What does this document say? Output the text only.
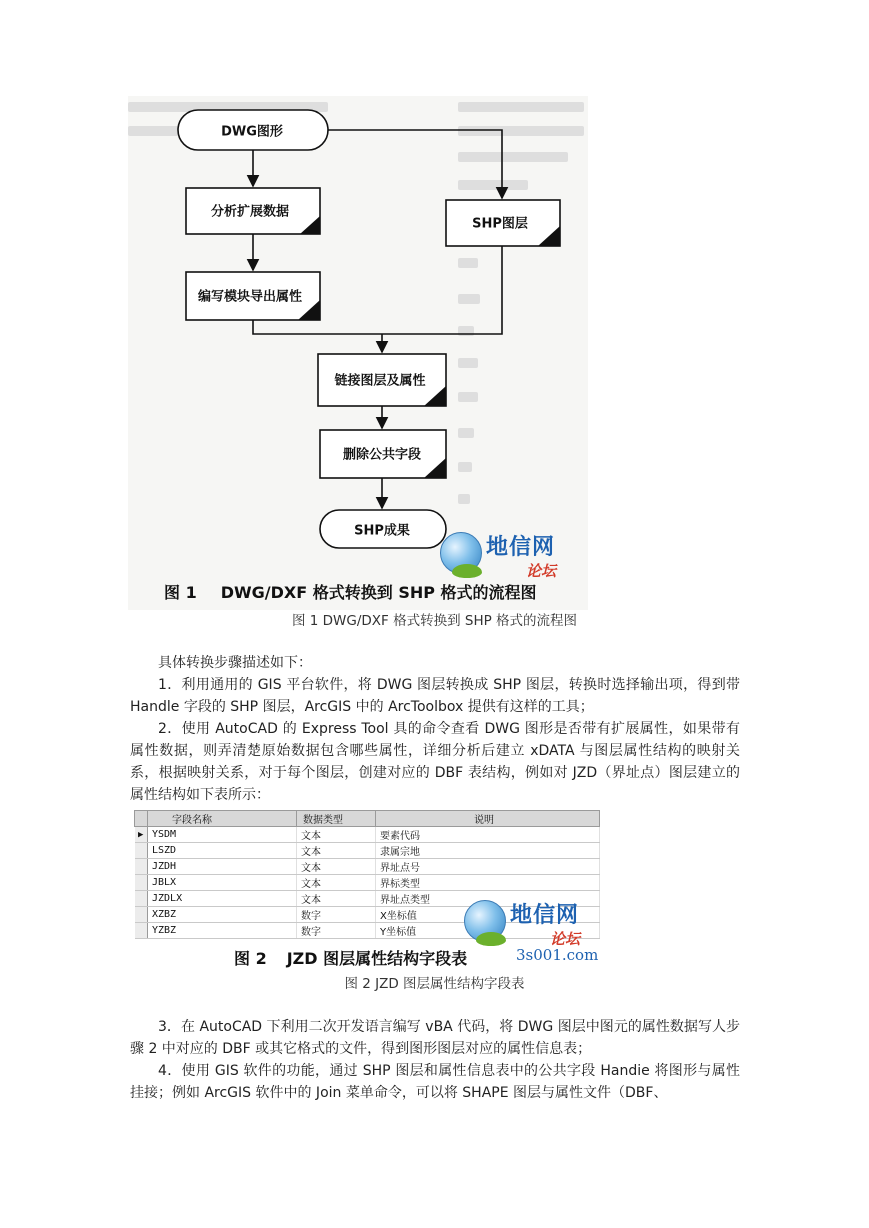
DWG图形
分析扩展数据
SHP图层
编写模块导出属性
链接图层及属性
删除公共字段
SHP成果
地信网
论坛
图 1 DWG/DXF 格式转换到 SHP 格式的流程图
图 1 DWG/DXF 格式转换到 SHP 格式的流程图
具体转换步骤描述如下：
1．利用通用的 GIS 平台软件，将 DWG 图层转换成 SHP 图层，转换时选择输出项，得到带 Handle 字段的 SHP 图层，ArcGIS 中的 ArcToolbox 提供有这样的工具；
2．使用 AutoCAD 的 Express Tool 具的命令查看 DWG 图形是否带有扩展属性，如果带有属性数据，则弄清楚原始数据包含哪些属性，详细分析后建立 xDATA 与图层属性结构的映射关系，根据映射关系，对于每个图层，创建对应的 DBF 表结构，例如对 JZD（界址点）图层建立的属性结构如下表所示：
	字段名称	数据类型	说明
▶	YSDM	文本	要素代码
	LSZD	文本	隶属宗地
	JZDH	文本	界址点号
	JBLX	文本	界标类型
	JZDLX	文本	界址点类型
	XZBZ	数字	X坐标值
	YZBZ	数字	Y坐标值
地信网
论坛
图 2 JZD 图层属性结构字段表	3s001.com
图 2 JZD 图层属性结构字段表
3．在 AutoCAD 下利用二次开发语言编写 vBA 代码，将 DWG 图层中图元的属性数据写人步骤 2 中对应的 DBF 或其它格式的文件，得到图形图层对应的属性信息表；
4．使用 GIS 软件的功能，通过 SHP 图层和属性信息表中的公共字段 Handie 将图形与属性挂接；例如 ArcGIS 软件中的 Join 菜单命令，可以将 SHAPE 图层与属性文件（DBF、
